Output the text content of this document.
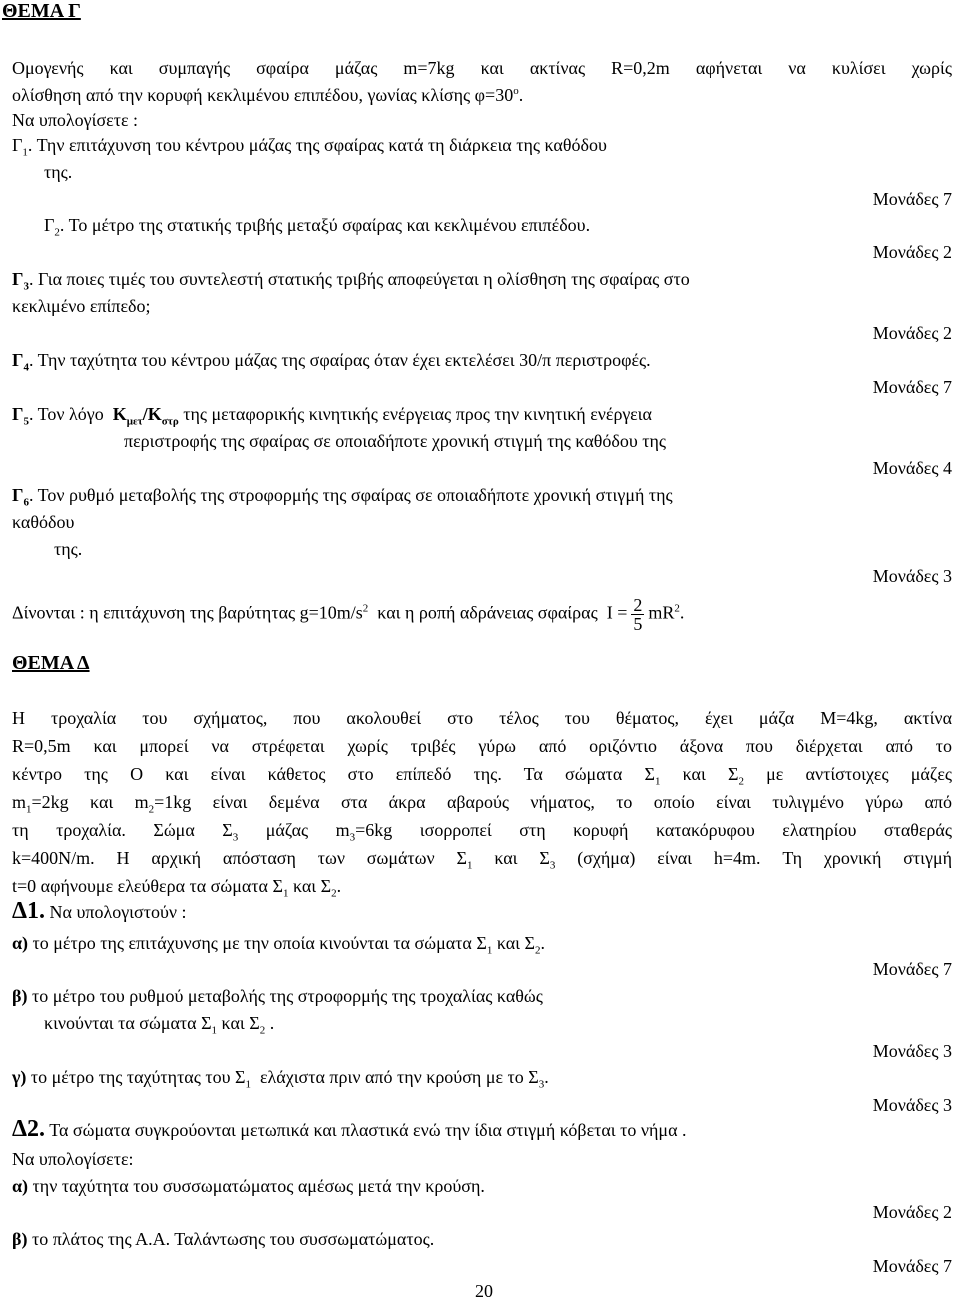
ΘΕΜΑ Γ
Ομογενής και συμπαγής σφαίρα μάζας m=7kg και ακτίνας R=0,2m αφήνεται να κυλίσει χωρίς
ολίσθηση από την κορυφή κεκλιμένου επιπέδου, γωνίας κλίσης $\varphi=30^o$.
Να υπολογίσετε :
$\Gamma_1$. Την επιτάχυνση του κέντρου μάζας της σφαίρας κατά τη διάρκεια της καθόδου
της.
Μονάδες 7
$\Gamma_2$. Το μέτρο της στατικής τριβής μεταξύ σφαίρας και κεκλιμένου επιπέδου.
Μονάδες 2
$\Gamma_3$. Για ποιες τιμές του συντελεστή στατικής τριβής αποφεύγεται η ολίσθηση της σφαίρας στο
κεκλιμένο επίπεδο;
Μονάδες 2
$\Gamma_4$. Την ταχύτητα του κέντρου μάζας της σφαίρας όταν έχει εκτελέσει 30/π περιστροφές.
Μονάδες 7
$\Gamma_5$. Τον λόγο $K_{\mu\varepsilon\tau}/K_{\sigma\tau\rho}$ της μεταφορικής κινητικής ενέργειας προς την κινητική ενέργεια
περιστροφής της σφαίρας σε οποιαδήποτε χρονική στιγμή της καθόδου της
Μονάδες 4
$\Gamma_6$. Τον ρυθμό μεταβολής της στροφορμής της σφαίρας σε οποιαδήποτε χρονική στιγμή της
καθόδου
της.
Μονάδες 3
Δίνονται : η επιτάχυνση της βαρύτητας $g=10m/s^2$ και η ροπή αδράνειας σφαίρας $I = \frac{2}{5} mR^2$.
ΘΕΜΑ Δ
Η τροχαλία του σχήματος, που ακολουθεί στο τέλος του θέματος, έχει μάζα M=4kg, ακτίνα
R=0,5m και μπορεί να στρέφεται χωρίς τριβές γύρω από οριζόντιο άξονα που διέρχεται από το
κέντρο της Ο και είναι κάθετος στο επίπεδό της. Τα σώματα $\Sigma_1$ και $\Sigma_2$ με αντίστοιχες μάζες
$m_1=2kg$ και $m_2=1kg$ είναι δεμένα στα άκρα αβαρούς νήματος, το οποίο είναι τυλιγμένο γύρω από
τη τροχαλία. Σώμα $\Sigma_3$ μάζας $m_3=6kg$ ισορροπεί στη κορυφή κατακόρυφου ελατηρίου σταθεράς
k=400N/m. Η αρχική απόσταση των σωμάτων $\Sigma_1$ και $\Sigma_3$ (σχήμα) είναι h=4m. Τη χρονική στιγμή
t=0 αφήνουμε ελεύθερα τα σώματα $\Sigma_1$ και $\Sigma_2$.
Δ1. Να υπολογιστούν :
α) το μέτρο της επιτάχυνσης με την οποία κινούνται τα σώματα $\Sigma_1$ και $\Sigma_2$.
Μονάδες 7
β) το μέτρο του ρυθμού μεταβολής της στροφορμής της τροχαλίας καθώς
κινούνται τα σώματα $\Sigma_1$ και $\Sigma_2$ .
Μονάδες 3
γ) το μέτρο της ταχύτητας του $\Sigma_1$ ελάχιστα πριν από την κρούση με το $\Sigma_3$.
Μονάδες 3
Δ2. Τα σώματα συγκρούονται μετωπικά και πλαστικά ενώ την ίδια στιγμή κόβεται το νήμα .
Να υπολογίσετε:
α) την ταχύτητα του συσσωματώματος αμέσως μετά την κρούση.
Μονάδες 2
β) το πλάτος της Α.Α. Ταλάντωσης του συσσωματώματος.
Μονάδες 7
20
